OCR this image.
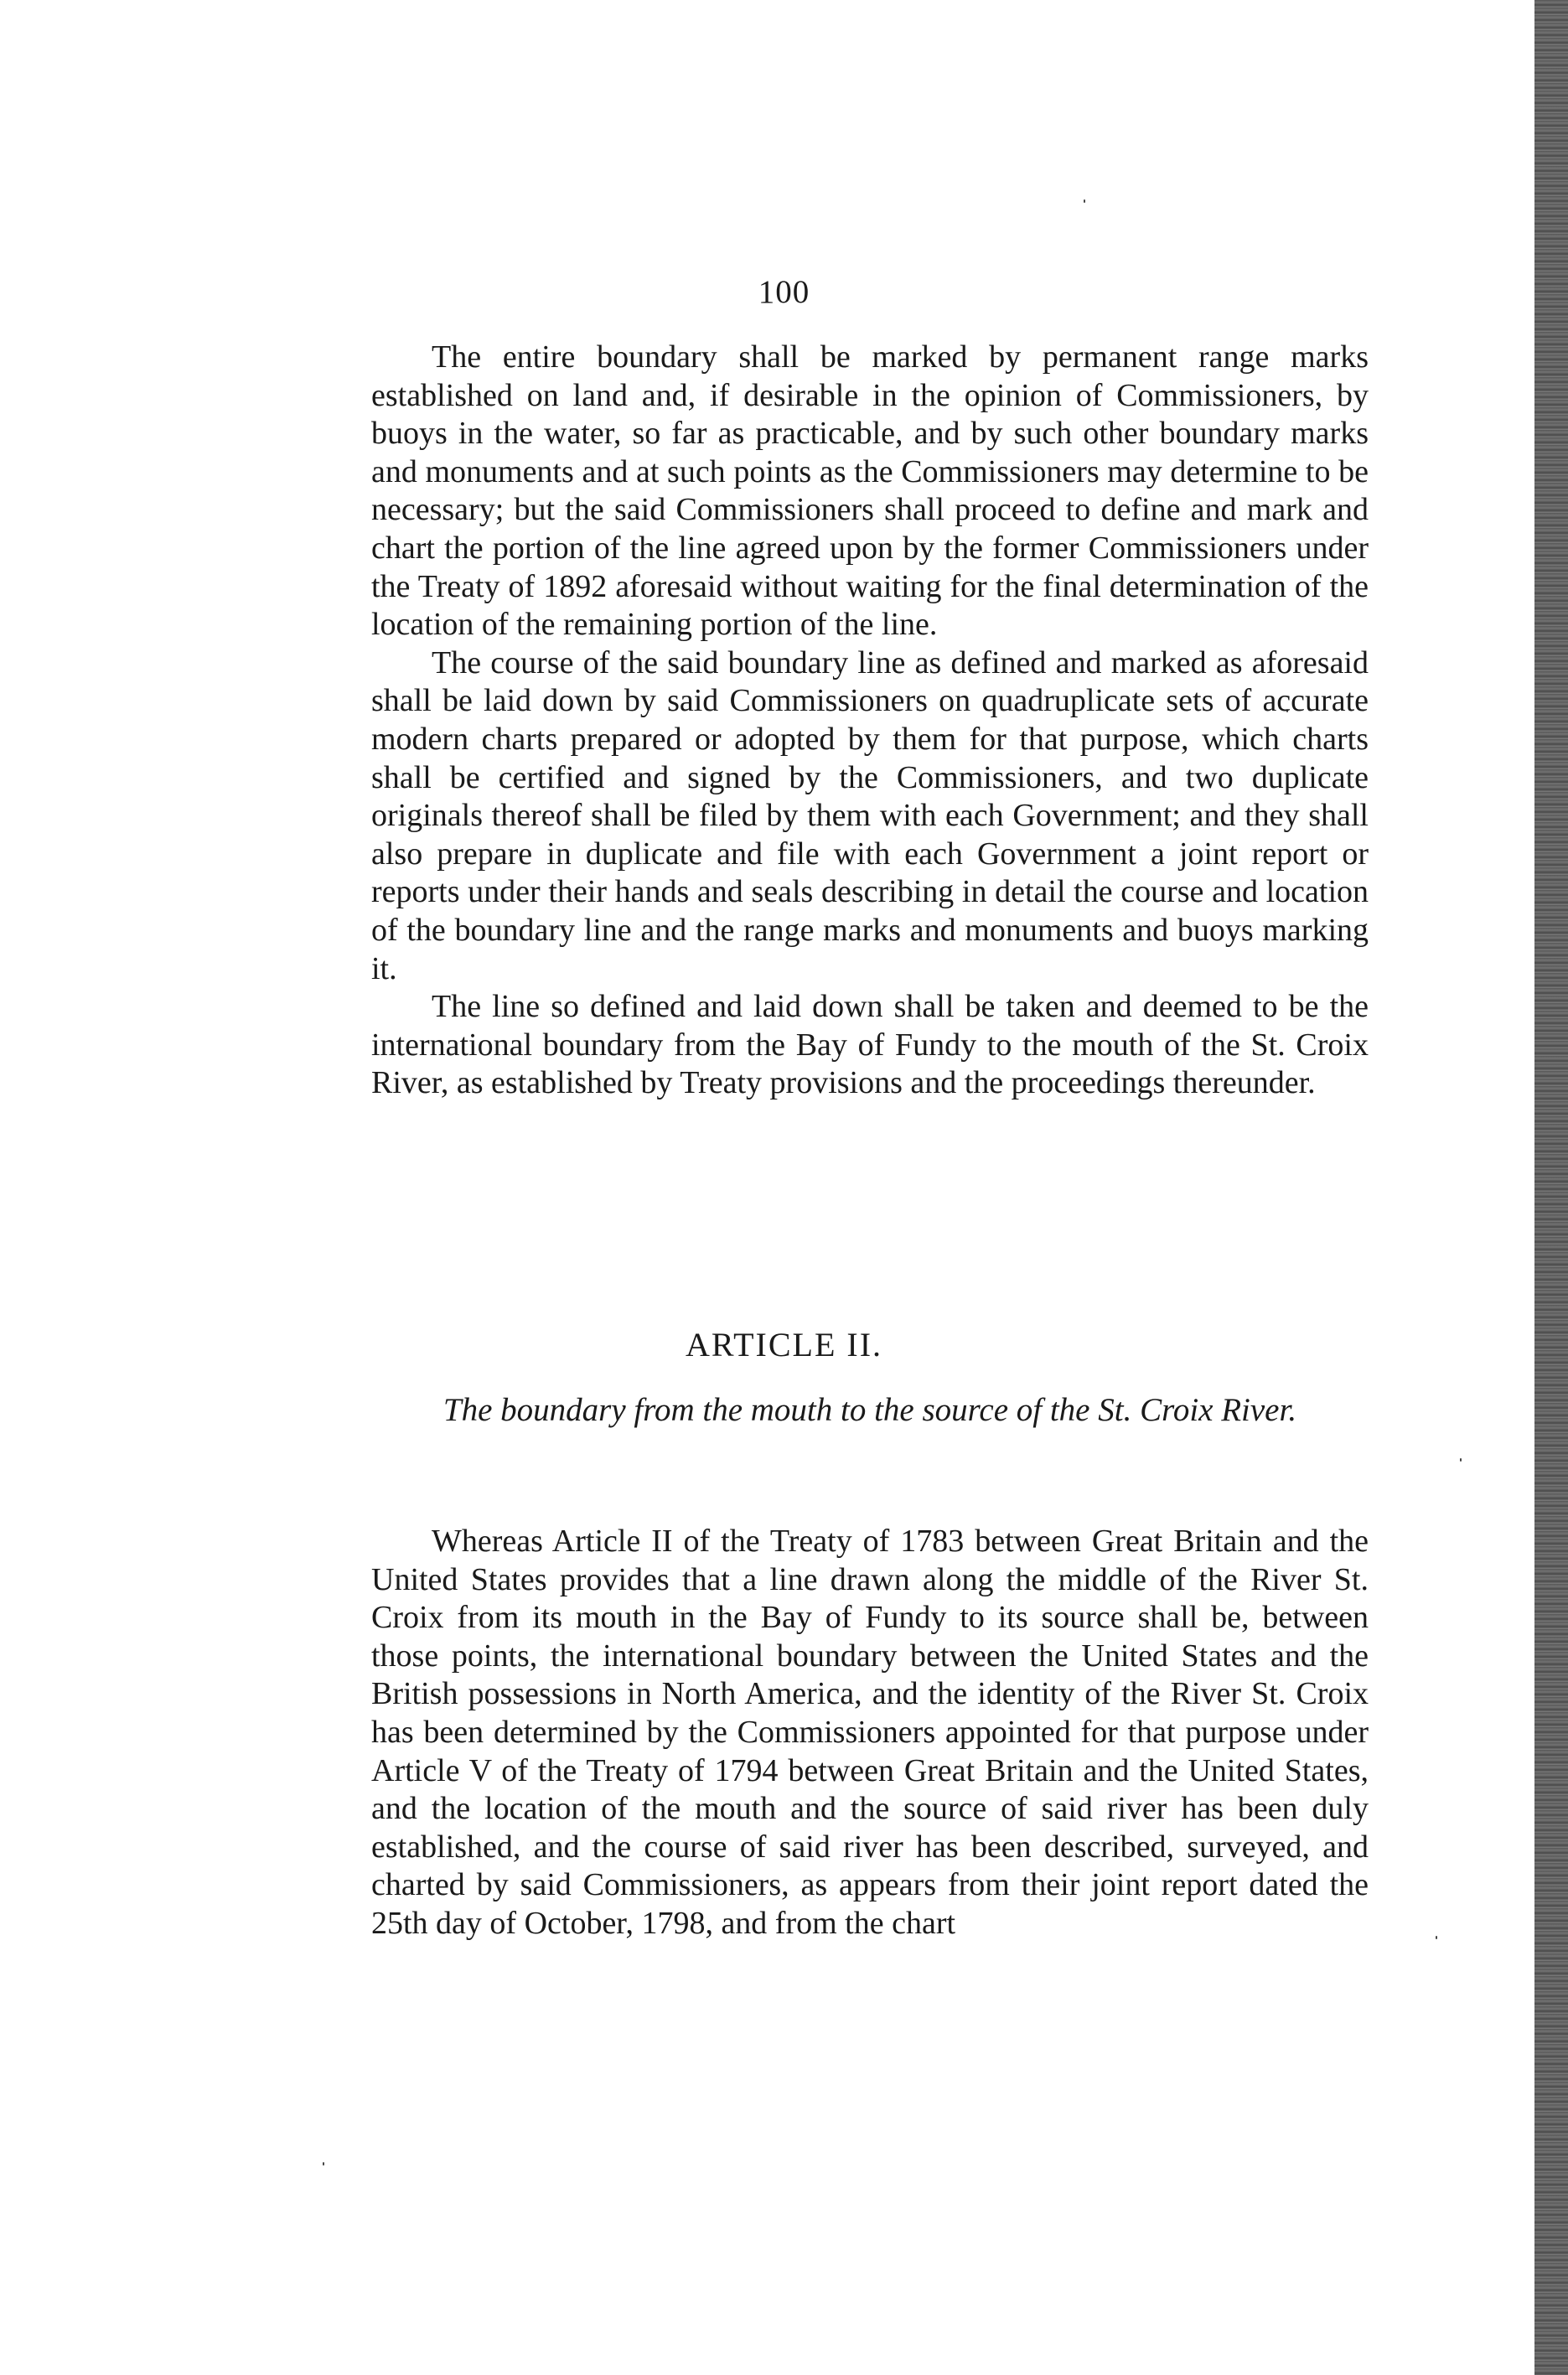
100

The entire boundary shall be marked by permanent range marks established on land and, if desirable in the opinion of Commissioners, by buoys in the water, so far as practicable, and by such other boundary marks and monuments and at such points as the Commissioners may determine to be necessary; but the said Commissioners shall proceed to define and mark and chart the portion of the line agreed upon by the former Commissioners under the Treaty of 1892 aforesaid without waiting for the final determination of the location of the remaining portion of the line.

The course of the said boundary line as defined and marked as aforesaid shall be laid down by said Commissioners on quadruplicate sets of accurate modern charts prepared or adopted by them for that purpose, which charts shall be certified and signed by the Commissioners, and two duplicate originals thereof shall be filed by them with each Government; and they shall also prepare in duplicate and file with each Government a joint report or reports under their hands and seals describing in detail the course and location of the boundary line and the range marks and monuments and buoys marking it.

The line so defined and laid down shall be taken and deemed to be the international boundary from the Bay of Fundy to the mouth of the St. Croix River, as established by Treaty provisions and the proceedings thereunder.

ARTICLE II.
The boundary from the mouth to the source of the St. Croix River.

Whereas Article II of the Treaty of 1783 between Great Britain and the United States provides that a line drawn along the middle of the River St. Croix from its mouth in the Bay of Fundy to its source shall be, between those points, the international boundary between the United States and the British possessions in North America, and the identity of the River St. Croix has been determined by the Commissioners appointed for that purpose under Article V of the Treaty of 1794 between Great Britain and the United States, and the location of the mouth and the source of said river has been duly established, and the course of said river has been described, surveyed, and charted by said Commissioners, as appears from their joint report dated the 25th day of October, 1798, and from the chart
